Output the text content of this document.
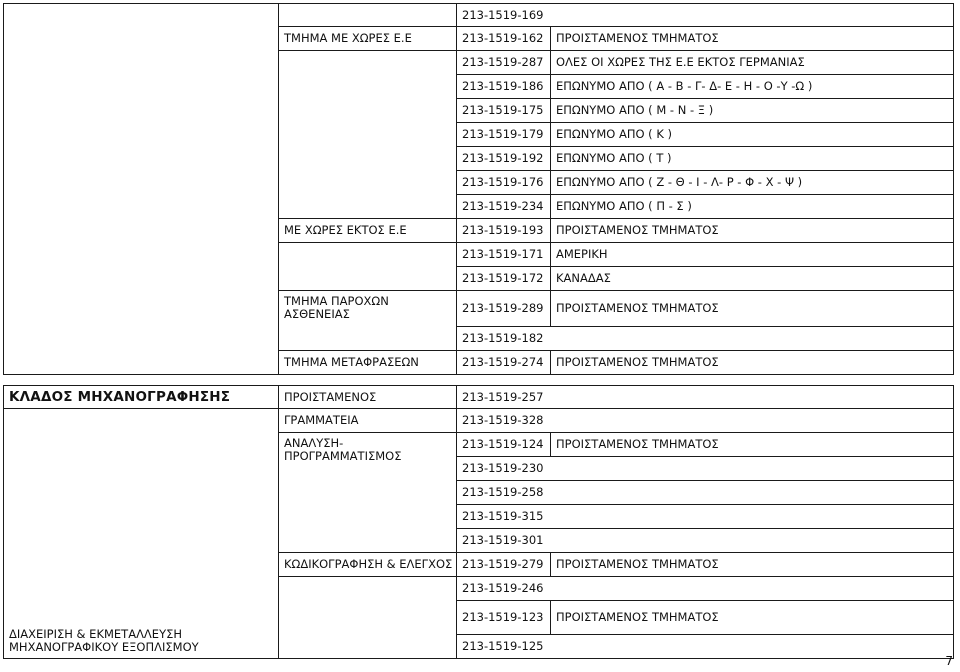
		213-1519-169	
	ΤΜΗΜΑ ΜΕ ΧΩΡΕΣ Ε.Ε	213-1519-162	ΠΡΟΙΣΤΑΜΕΝΟΣ ΤΜΗΜΑΤΟΣ
		213-1519-287	ΟΛΕΣ ΟΙ ΧΩΡΕΣ ΤΗΣ Ε.Ε ΕΚΤΟΣ ΓΕΡΜΑΝΙΑΣ
		213-1519-186	ΕΠΩΝΥΜΟ ΑΠΟ ( Α - Β - Γ- Δ- Ε - Η - Ο -Υ -Ω )
		213-1519-175	ΕΠΩΝΥΜΟ ΑΠΟ ( Μ - Ν - Ξ )
		213-1519-179	ΕΠΩΝΥΜΟ ΑΠΟ ( Κ )
		213-1519-192	ΕΠΩΝΥΜΟ ΑΠΟ ( Τ )
		213-1519-176	ΕΠΩΝΥΜΟ ΑΠΟ ( Ζ - Θ - Ι - Λ- Ρ - Φ - Χ - Ψ )
		213-1519-234	ΕΠΩΝΥΜΟ ΑΠΟ ( Π - Σ )
	ΜΕ ΧΩΡΕΣ ΕΚΤΟΣ Ε.Ε	213-1519-193	ΠΡΟΙΣΤΑΜΕΝΟΣ ΤΜΗΜΑΤΟΣ
		213-1519-171	ΑΜΕΡΙΚΗ
		213-1519-172	ΚΑΝΑΔΑΣ
	ΤΜΗΜΑ ΠΑΡΟΧΩΝ ΑΣΘΕΝΕΙΑΣ	213-1519-289	ΠΡΟΙΣΤΑΜΕΝΟΣ ΤΜΗΜΑΤΟΣ
		213-1519-182	
	ΤΜΗΜΑ ΜΕΤΑΦΡΑΣΕΩΝ	213-1519-274	ΠΡΟΙΣΤΑΜΕΝΟΣ ΤΜΗΜΑΤΟΣ
ΚΛΑΔΟΣ ΜΗΧΑΝΟΓΡΑΦΗΣΗΣ	ΠΡΟΙΣΤΑΜΕΝΟΣ	213-1519-257	
ΔΙΑΧΕΙΡΙΣΗ & ΕΚΜΕΤΑΛΛΕΥΣΗ ΜΗΧΑΝΟΓΡΑΦΙΚΟΥ ΕΞΟΠΛΙΣΜΟΥ	ΓΡΑΜΜΑΤΕΙΑ	213-1519-328	
	ΑΝΑΛΥΣΗ- ΠΡΟΓΡΑΜΜΑΤΙΣΜΟΣ	213-1519-124	ΠΡΟΙΣΤΑΜΕΝΟΣ ΤΜΗΜΑΤΟΣ
		213-1519-230	
		213-1519-258	
		213-1519-315	
		213-1519-301	
	ΚΩΔΙΚΟΓΡΑΦΗΣΗ & ΕΛΕΓΧΟΣ	213-1519-279	ΠΡΟΙΣΤΑΜΕΝΟΣ ΤΜΗΜΑΤΟΣ
		213-1519-246	
		213-1519-123	ΠΡΟΙΣΤΑΜΕΝΟΣ ΤΜΗΜΑΤΟΣ
		213-1519-125	
7
